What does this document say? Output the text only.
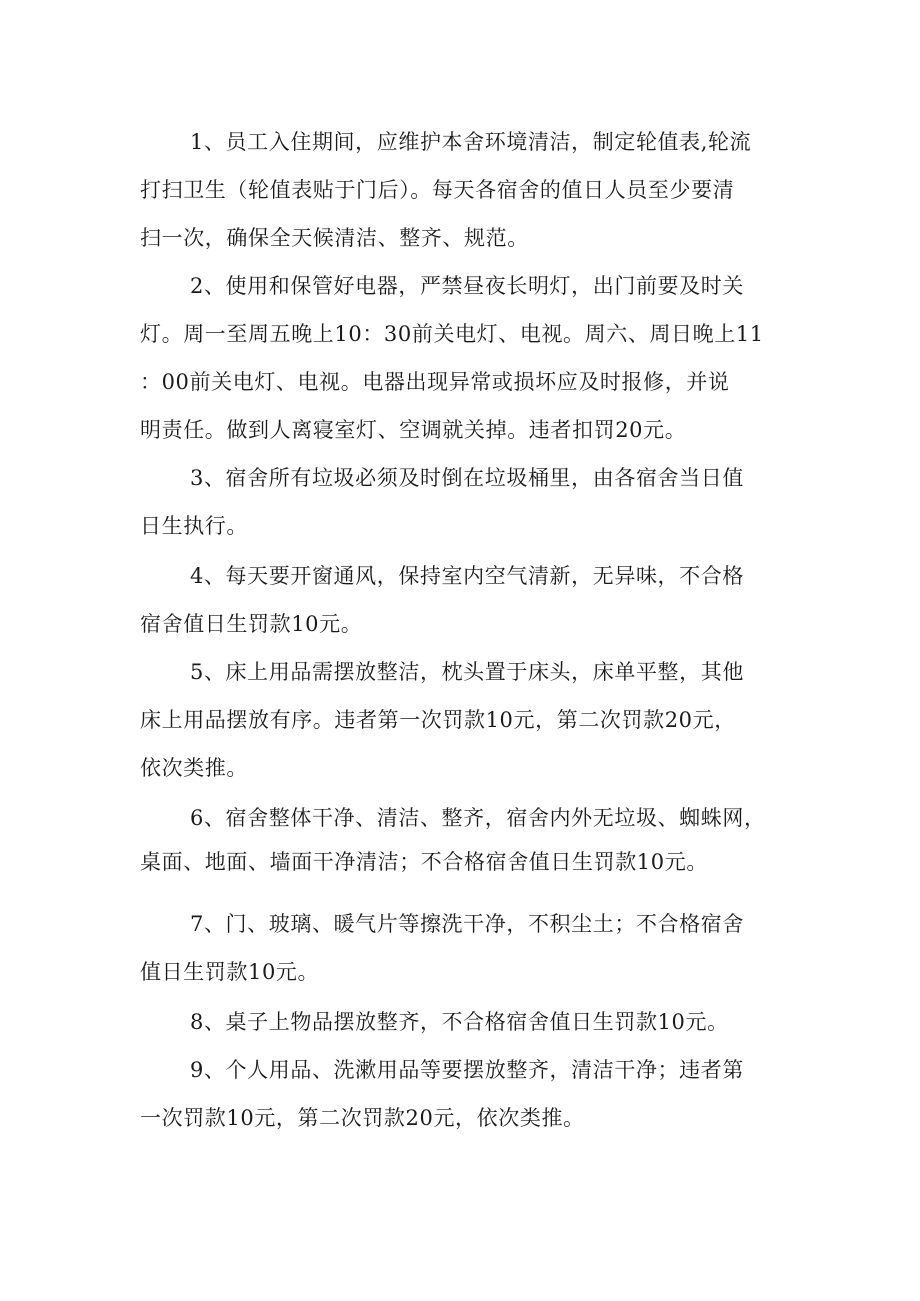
1、员工入住期间，应维护本舍环境清洁，制定轮值表,轮流
打扫卫生（轮值表贴于门后）。每天各宿舍的值日人员至少要清
扫一次，确保全天候清洁、整齐、规范。
2、使用和保管好电器，严禁昼夜长明灯，出门前要及时关
灯。周一至周五晚上10：30前关电灯、电视。周六、周日晚上11
：00前关电灯、电视。电器出现异常或损坏应及时报修，并说
明责任。做到人离寝室灯、空调就关掉。违者扣罚20元。
3、宿舍所有垃圾必须及时倒在垃圾桶里，由各宿舍当日值
日生执行。
4、每天要开窗通风，保持室内空气清新，无异味，不合格
宿舍值日生罚款10元。
5、床上用品需摆放整洁，枕头置于床头，床单平整，其他
床上用品摆放有序。违者第一次罚款10元，第二次罚款20元，
依次类推。
6、宿舍整体干净、清洁、整齐，宿舍内外无垃圾、蜘蛛网，
桌面、地面、墙面干净清洁；不合格宿舍值日生罚款10元。
7、门、玻璃、暖气片等擦洗干净，不积尘土；不合格宿舍
值日生罚款10元。
8、桌子上物品摆放整齐，不合格宿舍值日生罚款10元。
9、个人用品、洗漱用品等要摆放整齐，清洁干净；违者第
一次罚款10元，第二次罚款20元，依次类推。
